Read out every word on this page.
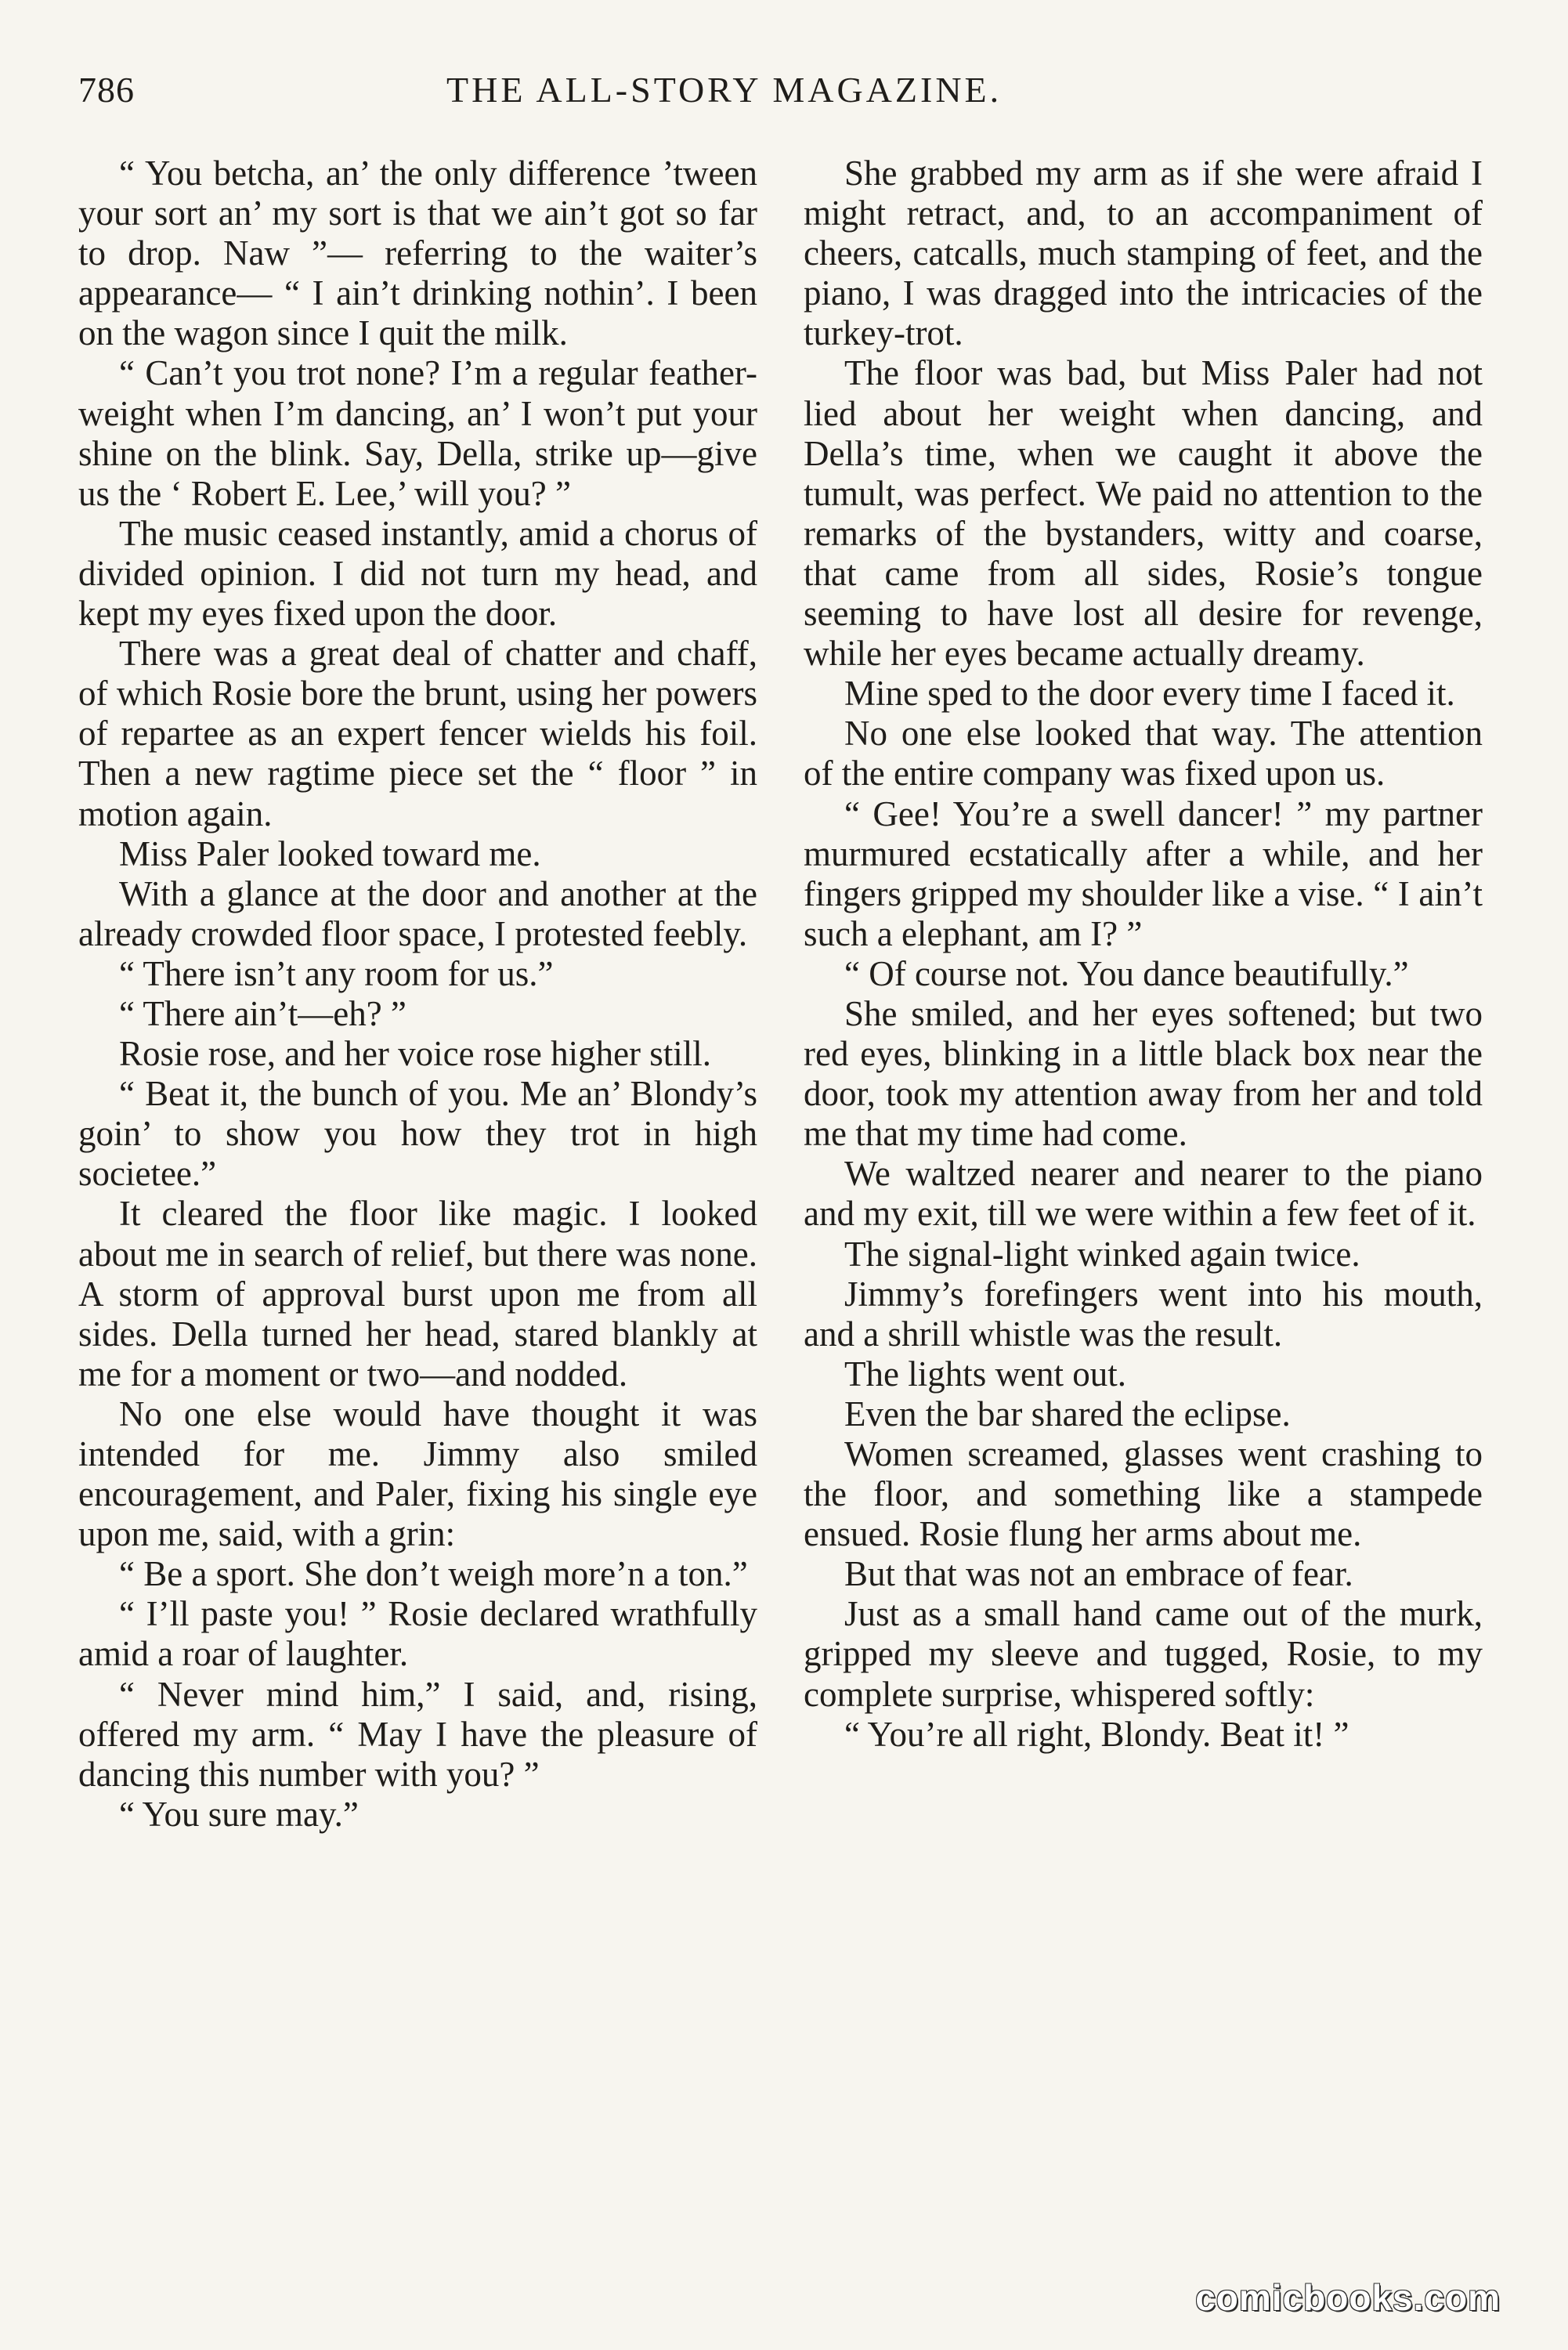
786	THE ALL-STORY MAGAZINE.

“ You betcha, an’ the only difference ’tween your sort an’ my sort is that we ain’t got so far to drop. Naw ”— referring to the waiter’s appearance— “ I ain’t drinking nothin’. I been on the wagon since I quit the milk.

“ Can’t you trot none? I’m a regular feather-weight when I’m dancing, an’ I won’t put your shine on the blink. Say, Della, strike up—give us the ‘ Robert E. Lee,’ will you? ”

The music ceased instantly, amid a chorus of divided opinion. I did not turn my head, and kept my eyes fixed upon the door.

There was a great deal of chatter and chaff, of which Rosie bore the brunt, using her powers of repartee as an expert fencer wields his foil. Then a new ragtime piece set the “ floor ” in motion again.

Miss Paler looked toward me.

With a glance at the door and another at the already crowded floor space, I protested feebly.

“ There isn’t any room for us.”

“ There ain’t—eh? ”

Rosie rose, and her voice rose higher still.

“ Beat it, the bunch of you. Me an’ Blondy’s goin’ to show you how they trot in high societee.”

It cleared the floor like magic. I looked about me in search of relief, but there was none. A storm of approval burst upon me from all sides. Della turned her head, stared blankly at me for a moment or two—and nodded.

No one else would have thought it was intended for me. Jimmy also smiled encouragement, and Paler, fixing his single eye upon me, said, with a grin:

“ Be a sport. She don’t weigh more’n a ton.”

“ I’ll paste you! ” Rosie declared wrathfully amid a roar of laughter.

“ Never mind him,” I said, and, rising, offered my arm. “ May I have the pleasure of dancing this number with you? ”

“ You sure may.”

She grabbed my arm as if she were afraid I might retract, and, to an accompaniment of cheers, catcalls, much stamping of feet, and the piano, I was dragged into the intricacies of the turkey-trot.

The floor was bad, but Miss Paler had not lied about her weight when dancing, and Della’s time, when we caught it above the tumult, was perfect. We paid no attention to the remarks of the bystanders, witty and coarse, that came from all sides, Rosie’s tongue seeming to have lost all desire for revenge, while her eyes became actually dreamy.

Mine sped to the door every time I faced it.

No one else looked that way. The attention of the entire company was fixed upon us.

“ Gee! You’re a swell dancer! ” my partner murmured ecstatically after a while, and her fingers gripped my shoulder like a vise. “ I ain’t such a elephant, am I? ”

“ Of course not. You dance beautifully.”

She smiled, and her eyes softened; but two red eyes, blinking in a little black box near the door, took my attention away from her and told me that my time had come.

We waltzed nearer and nearer to the piano and my exit, till we were within a few feet of it.

The signal-light winked again twice.

Jimmy’s forefingers went into his mouth, and a shrill whistle was the result.

The lights went out.

Even the bar shared the eclipse.

Women screamed, glasses went crashing to the floor, and something like a stampede ensued. Rosie flung her arms about me.

But that was not an embrace of fear.

Just as a small hand came out of the murk, gripped my sleeve and tugged, Rosie, to my complete surprise, whispered softly:

“ You’re all right, Blondy. Beat it! ”

comicbooks.com
